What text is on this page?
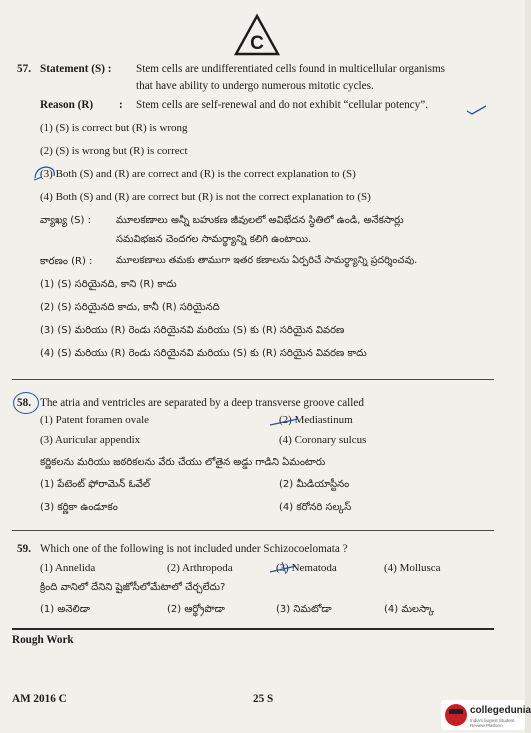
C
57. Statement (S) : Stem cells are undifferentiated cells found in multicellular organisms
that have ability to undergo numerous mitotic cycles.
Reason (R) : Stem cells are self-renewal and do not exhibit “cellular potency”.
(1) (S) is correct but (R) is wrong
(2) (S) is wrong but (R) is correct
(3) Both (S) and (R) are correct and (R) is the correct explanation to (S)
(4) Both (S) and (R) are correct but (R) is not the correct explanation to (S)
వ్యాఖ్య (S) :	మూలకణాలు అన్నీ బహుకణ జీవులలో అవిభేదన స్థితిలో ఉండి, అనేకసార్లు
సమవిభజన చెందగల సామర్థ్యాన్ని కలిగి ఉంటాయి.
కారణం (R) : మూలకణాలు తమకు తాముగా ఇతర కణాలను ఏర్పరిచే సామర్థ్యాన్ని ప్రదర్శించవు.
(1) (S) సరియైనది, కాని (R) కాదు
(2) (S) సరియైనది కాదు, కానీ (R) సరియైనది
(3) (S) మరియు (R) రెండు సరియైనవి మరియు (S) కు (R) సరియైన వివరణ
(4) (S) మరియు (R) రెండు సరియైనవి మరియు (S) కు (R) సరియైన వివరణ కాదు
58. The atria and ventricles are separated by a deep transverse groove called
(1) Patent foramen ovale	(2) Mediastinum
(3) Auricular appendix	(4) Coronary sulcus
కర్ణికలను మరియు జఠరికలను వేరు చేయు లోతైన అడ్డు గాడిని ఏమంటారు
(1) పేటెంట్ ఫోరామెన్ ఓవేల్	(2) మీడియాస్టీనం
(3) కర్ణికా ఉండూకం	(4) కరోనరి సల్కస్
59. Which one of the following is not included under Schizocoelomata ?
(1) Annelida	(2) Arthropoda	(3) Nematoda	(4) Mollusca
క్రింది వానిలో దేనిని షైజోసీలోమేటాలో చేర్చలేదు?
(1) అనెలిడా	(2) ఆర్థ్రోపొడా	(3) నిమటోడా	(4) మలస్కా
Rough Work
AM 2016 C	25 S
collegedunia
India's largest Student Review Platform
